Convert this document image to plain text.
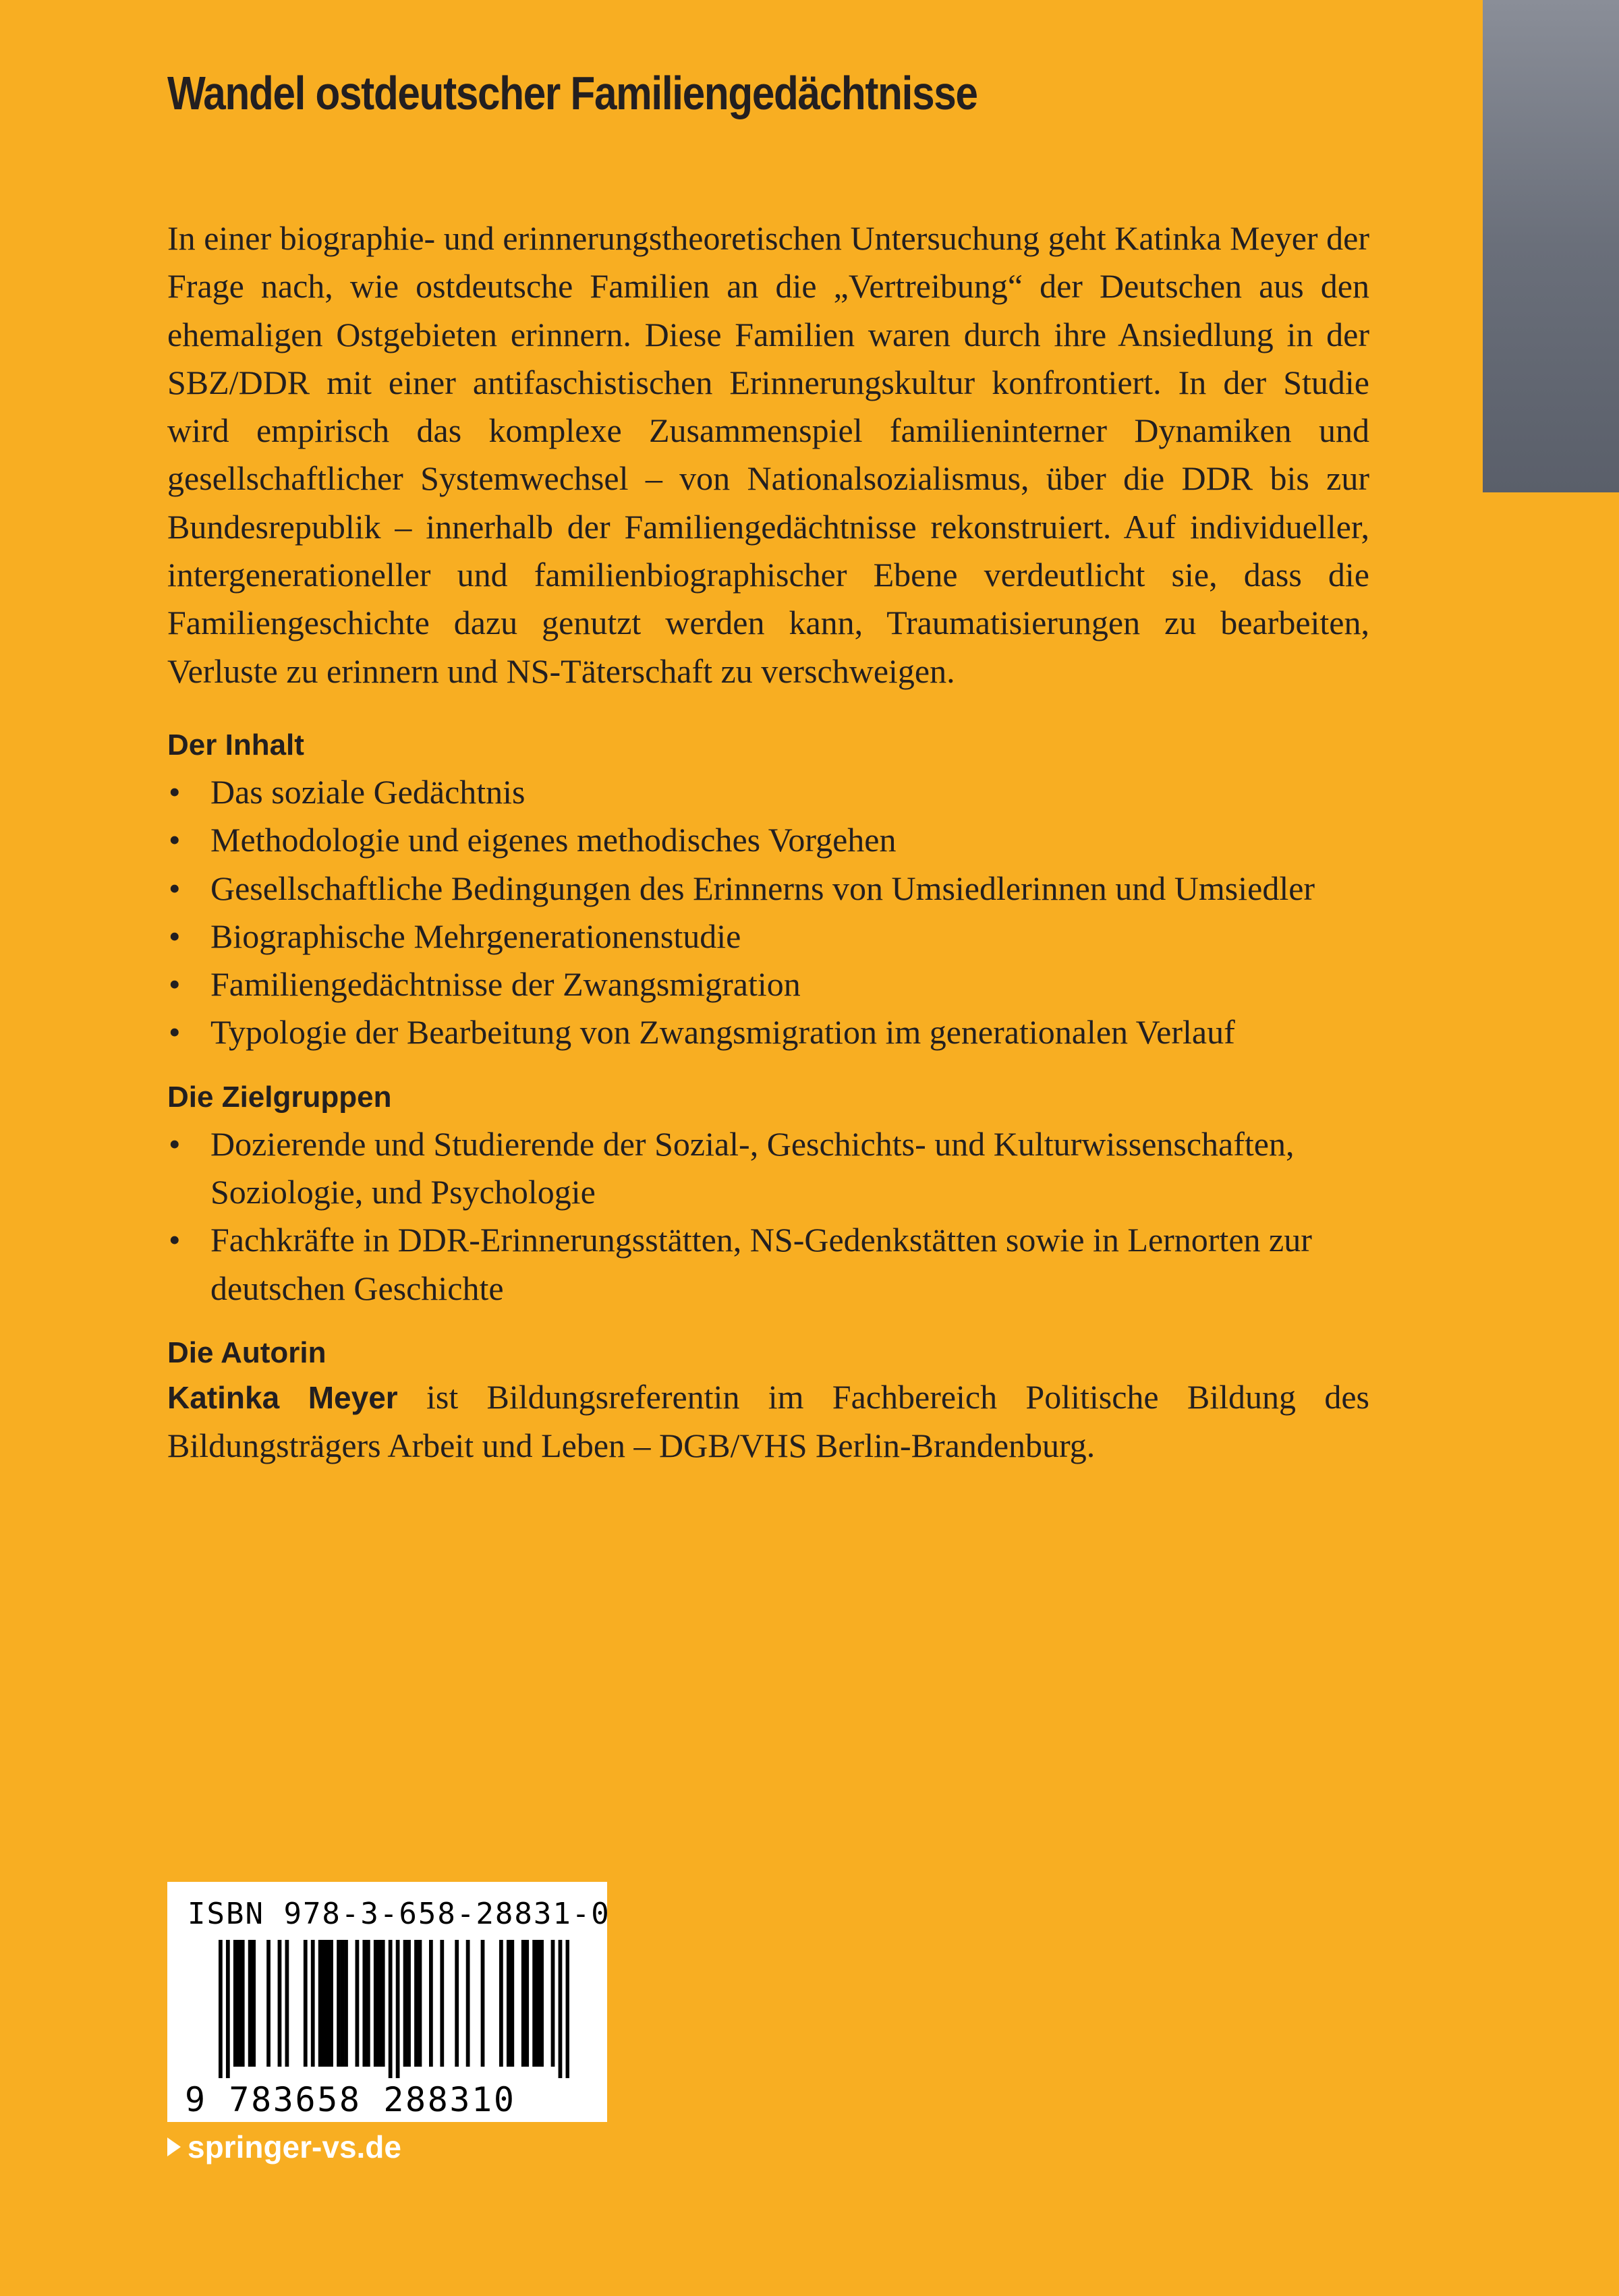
Wandel ostdeutscher Familiengedächtnisse

In einer biographie- und erinnerungstheoretischen Untersuchung geht Katinka Meyer der Frage nach, wie ostdeutsche Familien an die „Vertreibung“ der Deutschen aus den ehemaligen Ostgebieten erinnern. Diese Familien waren durch ihre Ansiedlung in der SBZ/DDR mit einer antifaschistischen Erinnerungskultur konfrontiert. In der Studie wird empirisch das komplexe Zusammenspiel familieninterner Dynamiken und gesellschaftlicher Systemwechsel – von Nationalsozialismus, über die DDR bis zur Bundesrepublik – innerhalb der Familiengedächtnisse rekonstruiert. Auf individueller, intergenerationeller und familienbiographischer Ebene verdeutlicht sie, dass die Familiengeschichte dazu genutzt werden kann, Traumatisierungen zu bearbeiten, Verluste zu erinnern und NS-Täterschaft zu verschweigen.

Der Inhalt
• Das soziale Gedächtnis
• Methodologie und eigenes methodisches Vorgehen
• Gesellschaftliche Bedingungen des Erinnerns von Umsiedlerinnen und Umsiedler
• Biographische Mehrgenerationenstudie
• Familiengedächtnisse der Zwangsmigration
• Typologie der Bearbeitung von Zwangsmigration im generationalen Verlauf
Die Zielgruppen
• Dozierende und Studierende der Sozial-, Geschichts- und Kulturwissenschaften, Soziologie, und Psychologie
• Fachkräfte in DDR-Erinnerungsstätten, NS-Gedenkstätten sowie in Lernorten zur deutschen Geschichte
Die Autorin

Katinka Meyer ist Bildungsreferentin im Fachbereich Politische Bildung des Bildungsträgers Arbeit und Leben – DGB/VHS Berlin-Brandenburg.

ISBN 978-3-658-28831-0
9 783658 288310
springer-vs.de
